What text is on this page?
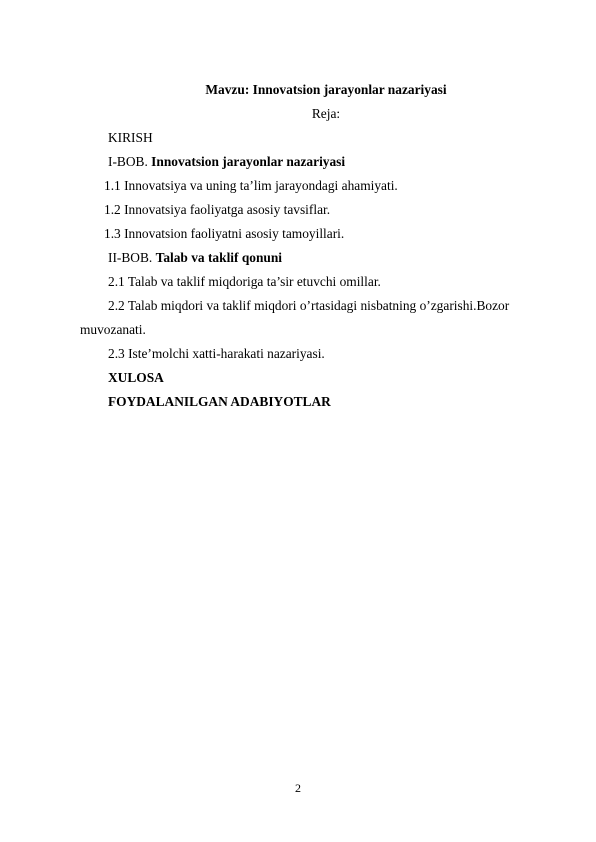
Mavzu: Innovatsion jarayonlar nazariyasi
Reja:
KIRISH
I-BOB. Innovatsion jarayonlar nazariyasi
1.1 Innovatsiya va uning ta’lim jarayondagi ahamiyati.
1.2 Innovatsiya faoliyatga asosiy tavsiflar.
1.3 Innovatsion faoliyatni asosiy tamoyillari.
II-BOB. Talab va taklif qonuni
2.1 Talab va taklif miqdoriga ta’sir etuvchi omillar.
2.2 Talab miqdori va taklif miqdori o’rtasidagi nisbatning o’zgarishi.Bozor
muvozanati.
2.3 Iste’molchi xatti-harakati nazariyasi.
XULOSA
FOYDALANILGAN ADABIYOTLAR
2
